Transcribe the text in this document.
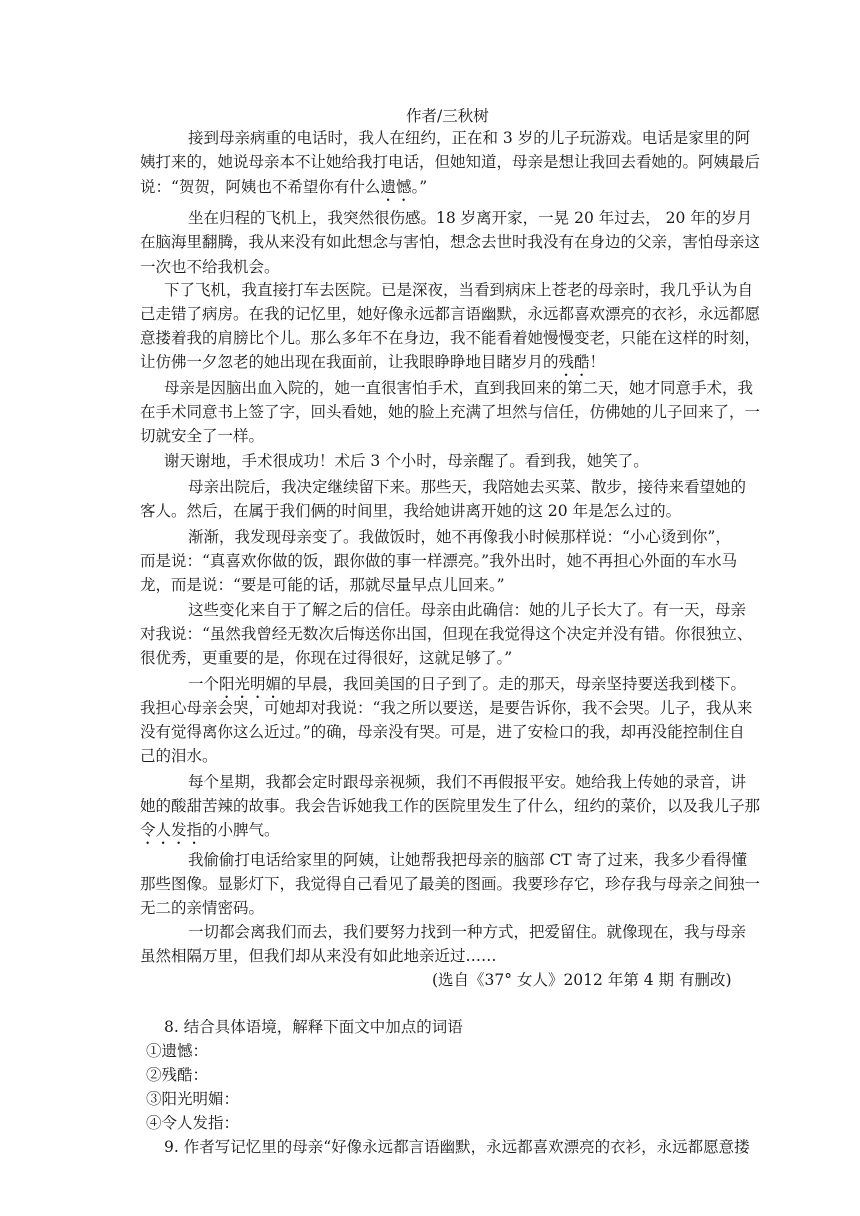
作者/三秋树
接到母亲病重的电话时，我人在纽约，正在和 3 岁的儿子玩游戏。电话是家里的阿
姨打来的，她说母亲本不让她给我打电话，但她知道，母亲是想让我回去看她的。阿姨最后
说：“贺贺，阿姨也不希望你有什么遗憾。”
坐在归程的飞机上，我突然很伤感。18 岁离开家，一晃 20 年过去， 20 年的岁月
在脑海里翻腾，我从来没有如此想念与害怕，想念去世时我没有在身边的父亲，害怕母亲这
一次也不给我机会。
下了飞机，我直接打车去医院。已是深夜，当看到病床上苍老的母亲时，我几乎认为自
己走错了病房。在我的记忆里，她好像永远都言语幽默，永远都喜欢漂亮的衣衫，永远都愿
意搂着我的肩膀比个儿。那么多年不在身边，我不能看着她慢慢变老，只能在这样的时刻，
让仿佛一夕忽老的她出现在我面前，让我眼睁睁地目睹岁月的残酷！
母亲是因脑出血入院的，她一直很害怕手术，直到我回来的第二天，她才同意手术，我
在手术同意书上签了字，回头看她，她的脸上充满了坦然与信任，仿佛她的儿子回来了，一
切就安全了一样。
谢天谢地，手术很成功！术后 3 个小时，母亲醒了。看到我，她笑了。
母亲出院后，我决定继续留下来。那些天，我陪她去买菜、散步，接待来看望她的
客人。然后，在属于我们俩的时间里，我给她讲离开她的这 20 年是怎么过的。
渐渐，我发现母亲变了。我做饭时，她不再像我小时候那样说：“小心烫到你”，
而是说：“真喜欢你做的饭，跟你做的事一样漂亮。”我外出时，她不再担心外面的车水马
龙，而是说：“要是可能的话，那就尽量早点儿回来。”
这些变化来自于了解之后的信任。母亲由此确信：她的儿子长大了。有一天，母亲
对我说：“虽然我曾经无数次后悔送你出国，但现在我觉得这个决定并没有错。你很独立、
很优秀，更重要的是，你现在过得很好，这就足够了。”
一个阳光明媚的早晨，我回美国的日子到了。走的那天，母亲坚持要送我到楼下。
我担心母亲会哭，可她却对我说：“我之所以要送，是要告诉你，我不会哭。儿子，我从来
没有觉得离你这么近过。”的确，母亲没有哭。可是，进了安检口的我，却再没能控制住自
己的泪水。
每个星期，我都会定时跟母亲视频，我们不再假报平安。她给我上传她的录音，讲
她的酸甜苦辣的故事。我会告诉她我工作的医院里发生了什么，纽约的菜价，以及我儿子那
令人发指的小脾气。
我偷偷打电话给家里的阿姨，让她帮我把母亲的脑部 CT 寄了过来，我多少看得懂
那些图像。显影灯下，我觉得自己看见了最美的图画。我要珍存它，珍存我与母亲之间独一
无二的亲情密码。
一切都会离我们而去，我们要努力找到一种方式，把爱留住。就像现在，我与母亲
虽然相隔万里，但我们却从来没有如此地亲近过……
(选自《37° 女人》2012 年第 4 期 有删改)
8. 结合具体语境，解释下面文中加点的词语
①遗憾：
②残酷：
③阳光明媚：
④令人发指：
9. 作者写记忆里的母亲“好像永远都言语幽默，永远都喜欢漂亮的衣衫，永远都愿意搂
